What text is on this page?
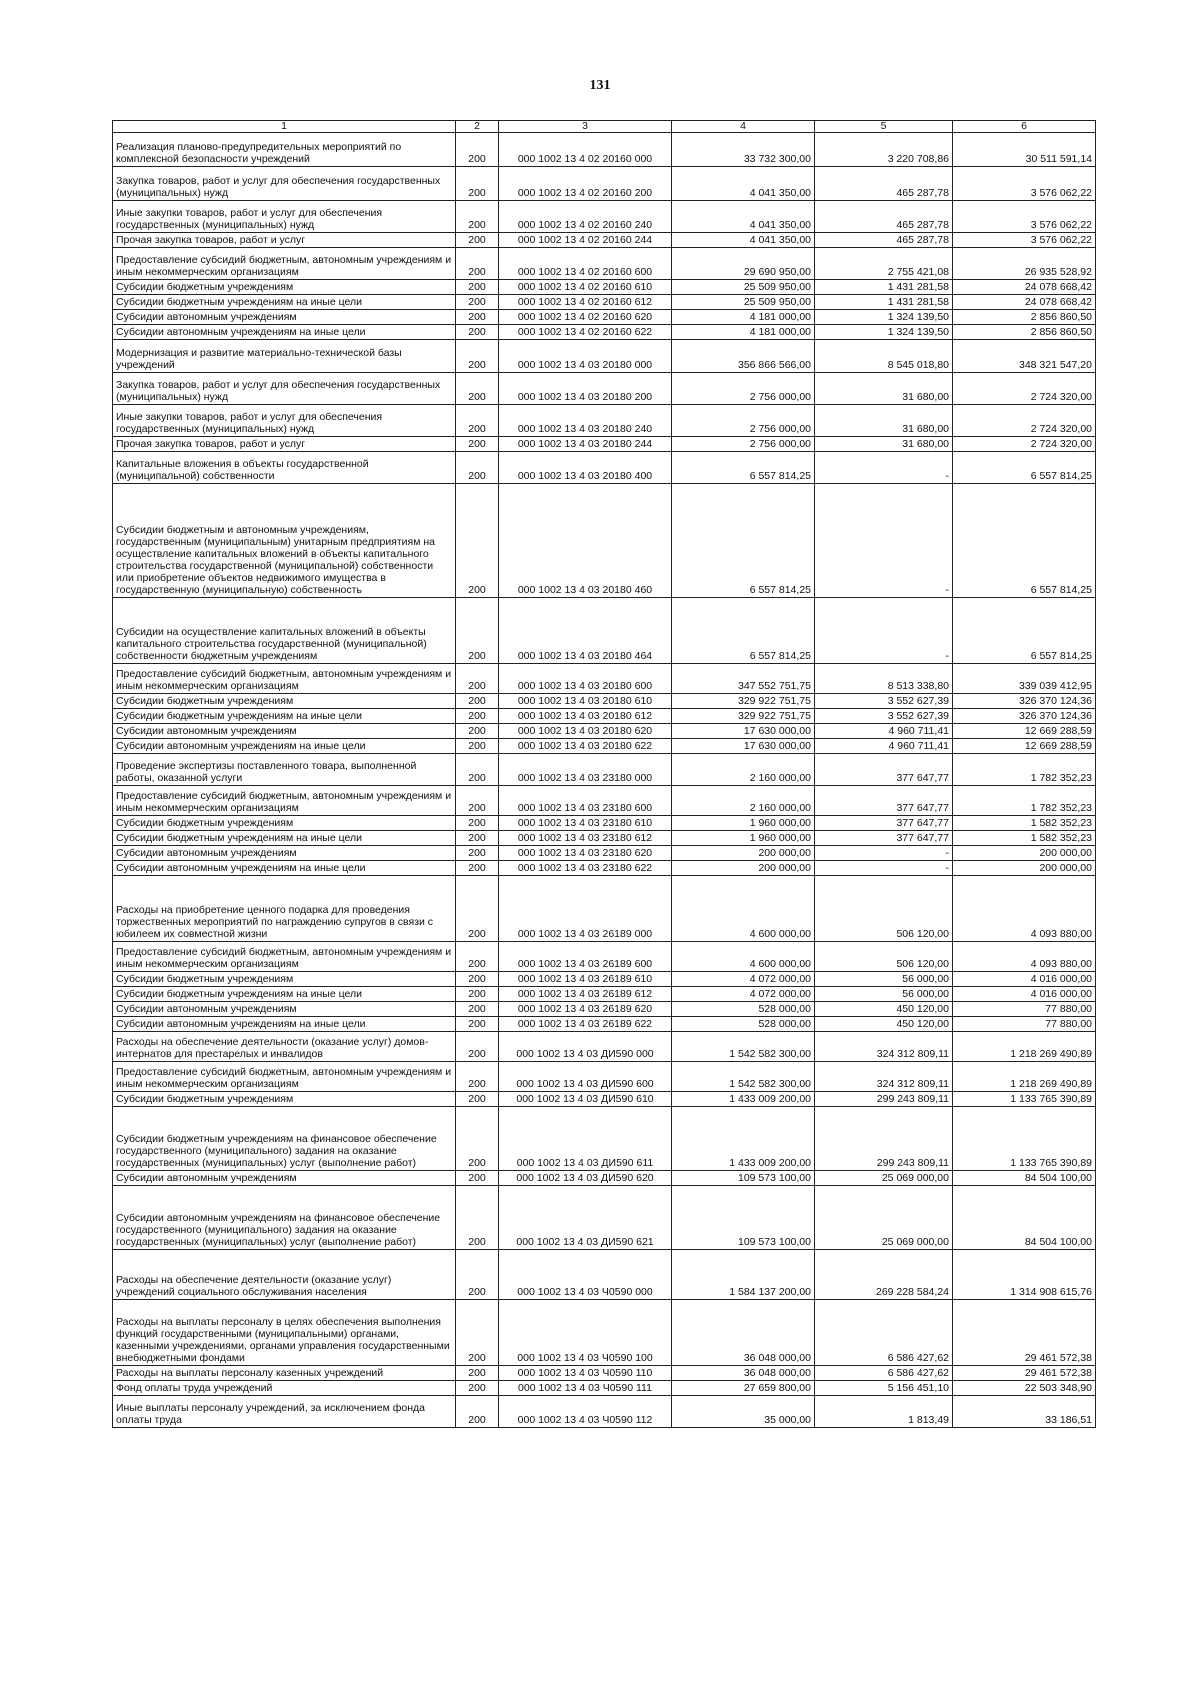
131
1	2	3	4	5	6
Реализация планово-предупредительных мероприятий по комплексной безопасности учреждений	200	000 1002 13 4 02 20160 000	33 732 300,00	3 220 708,86	30 511 591,14
Закупка товаров, работ и услуг для обеспечения государственных (муниципальных) нужд	200	000 1002 13 4 02 20160 200	4 041 350,00	465 287,78	3 576 062,22
Иные закупки товаров, работ и услуг для обеспечения государственных (муниципальных) нужд	200	000 1002 13 4 02 20160 240	4 041 350,00	465 287,78	3 576 062,22
Прочая закупка товаров, работ и услуг	200	000 1002 13 4 02 20160 244	4 041 350,00	465 287,78	3 576 062,22
Предоставление субсидий бюджетным, автономным учреждениям и иным некоммерческим организациям	200	000 1002 13 4 02 20160 600	29 690 950,00	2 755 421,08	26 935 528,92
Субсидии бюджетным учреждениям	200	000 1002 13 4 02 20160 610	25 509 950,00	1 431 281,58	24 078 668,42
Субсидии бюджетным учреждениям на иные цели	200	000 1002 13 4 02 20160 612	25 509 950,00	1 431 281,58	24 078 668,42
Субсидии автономным учреждениям	200	000 1002 13 4 02 20160 620	4 181 000,00	1 324 139,50	2 856 860,50
Субсидии автономным учреждениям на иные цели	200	000 1002 13 4 02 20160 622	4 181 000,00	1 324 139,50	2 856 860,50
Модернизация и развитие материально-технической базы учреждений	200	000 1002 13 4 03 20180 000	356 866 566,00	8 545 018,80	348 321 547,20
Закупка товаров, работ и услуг для обеспечения государственных (муниципальных) нужд	200	000 1002 13 4 03 20180 200	2 756 000,00	31 680,00	2 724 320,00
Иные закупки товаров, работ и услуг для обеспечения государственных (муниципальных) нужд	200	000 1002 13 4 03 20180 240	2 756 000,00	31 680,00	2 724 320,00
Прочая закупка товаров, работ и услуг	200	000 1002 13 4 03 20180 244	2 756 000,00	31 680,00	2 724 320,00
Капитальные вложения в объекты государственной (муниципальной) собственности	200	000 1002 13 4 03 20180 400	6 557 814,25	-	6 557 814,25
Субсидии бюджетным и автономным учреждениям, государственным (муниципальным) унитарным предприятиям на осуществление капитальных вложений в объекты капитального строительства государственной (муниципальной) собственности или приобретение объектов недвижимого имущества в государственную (муниципальную) собственность	200	000 1002 13 4 03 20180 460	6 557 814,25	-	6 557 814,25
Субсидии на осуществление капитальных вложений в объекты капитального строительства государственной (муниципальной) собственности бюджетным учреждениям	200	000 1002 13 4 03 20180 464	6 557 814,25	-	6 557 814,25
Предоставление субсидий бюджетным, автономным учреждениям и иным некоммерческим организациям	200	000 1002 13 4 03 20180 600	347 552 751,75	8 513 338,80	339 039 412,95
Субсидии бюджетным учреждениям	200	000 1002 13 4 03 20180 610	329 922 751,75	3 552 627,39	326 370 124,36
Субсидии бюджетным учреждениям на иные цели	200	000 1002 13 4 03 20180 612	329 922 751,75	3 552 627,39	326 370 124,36
Субсидии автономным учреждениям	200	000 1002 13 4 03 20180 620	17 630 000,00	4 960 711,41	12 669 288,59
Субсидии автономным учреждениям на иные цели	200	000 1002 13 4 03 20180 622	17 630 000,00	4 960 711,41	12 669 288,59
Проведение экспертизы поставленного товара, выполненной работы, оказанной услуги	200	000 1002 13 4 03 23180 000	2 160 000,00	377 647,77	1 782 352,23
Предоставление субсидий бюджетным, автономным учреждениям и иным некоммерческим организациям	200	000 1002 13 4 03 23180 600	2 160 000,00	377 647,77	1 782 352,23
Субсидии бюджетным учреждениям	200	000 1002 13 4 03 23180 610	1 960 000,00	377 647,77	1 582 352,23
Субсидии бюджетным учреждениям на иные цели	200	000 1002 13 4 03 23180 612	1 960 000,00	377 647,77	1 582 352,23
Субсидии автономным учреждениям	200	000 1002 13 4 03 23180 620	200 000,00	-	200 000,00
Субсидии автономным учреждениям на иные цели	200	000 1002 13 4 03 23180 622	200 000,00	-	200 000,00
Расходы на приобретение ценного подарка для проведения торжественных мероприятий по награждению супругов в связи с юбилеем их совместной жизни	200	000 1002 13 4 03 26189 000	4 600 000,00	506 120,00	4 093 880,00
Предоставление субсидий бюджетным, автономным учреждениям и иным некоммерческим организациям	200	000 1002 13 4 03 26189 600	4 600 000,00	506 120,00	4 093 880,00
Субсидии бюджетным учреждениям	200	000 1002 13 4 03 26189 610	4 072 000,00	56 000,00	4 016 000,00
Субсидии бюджетным учреждениям на иные цели	200	000 1002 13 4 03 26189 612	4 072 000,00	56 000,00	4 016 000,00
Субсидии автономным учреждениям	200	000 1002 13 4 03 26189 620	528 000,00	450 120,00	77 880,00
Субсидии автономным учреждениям на иные цели	200	000 1002 13 4 03 26189 622	528 000,00	450 120,00	77 880,00
Расходы на обеспечение деятельности (оказание услуг) домов-интернатов для престарелых и инвалидов	200	000 1002 13 4 03 ДИ590 000	1 542 582 300,00	324 312 809,11	1 218 269 490,89
Предоставление субсидий бюджетным, автономным учреждениям и иным некоммерческим организациям	200	000 1002 13 4 03 ДИ590 600	1 542 582 300,00	324 312 809,11	1 218 269 490,89
Субсидии бюджетным учреждениям	200	000 1002 13 4 03 ДИ590 610	1 433 009 200,00	299 243 809,11	1 133 765 390,89
Субсидии бюджетным учреждениям на финансовое обеспечение государственного (муниципального) задания на оказание государственных (муниципальных) услуг (выполнение работ)	200	000 1002 13 4 03 ДИ590 611	1 433 009 200,00	299 243 809,11	1 133 765 390,89
Субсидии автономным учреждениям	200	000 1002 13 4 03 ДИ590 620	109 573 100,00	25 069 000,00	84 504 100,00
Субсидии автономным учреждениям на финансовое обеспечение государственного (муниципального) задания на оказание государственных (муниципальных) услуг (выполнение работ)	200	000 1002 13 4 03 ДИ590 621	109 573 100,00	25 069 000,00	84 504 100,00
Расходы на обеспечение деятельности (оказание услуг) учреждений социального обслуживания населения	200	000 1002 13 4 03 Ч0590 000	1 584 137 200,00	269 228 584,24	1 314 908 615,76
Расходы на выплаты персоналу в целях обеспечения выполнения функций государственными (муниципальными) органами, казенными учреждениями, органами управления государственными внебюджетными фондами	200	000 1002 13 4 03 Ч0590 100	36 048 000,00	6 586 427,62	29 461 572,38
Расходы на выплаты персоналу казенных учреждений	200	000 1002 13 4 03 Ч0590 110	36 048 000,00	6 586 427,62	29 461 572,38
Фонд оплаты труда учреждений	200	000 1002 13 4 03 Ч0590 111	27 659 800,00	5 156 451,10	22 503 348,90
Иные выплаты персоналу учреждений, за исключением фонда оплаты труда	200	000 1002 13 4 03 Ч0590 112	35 000,00	1 813,49	33 186,51
